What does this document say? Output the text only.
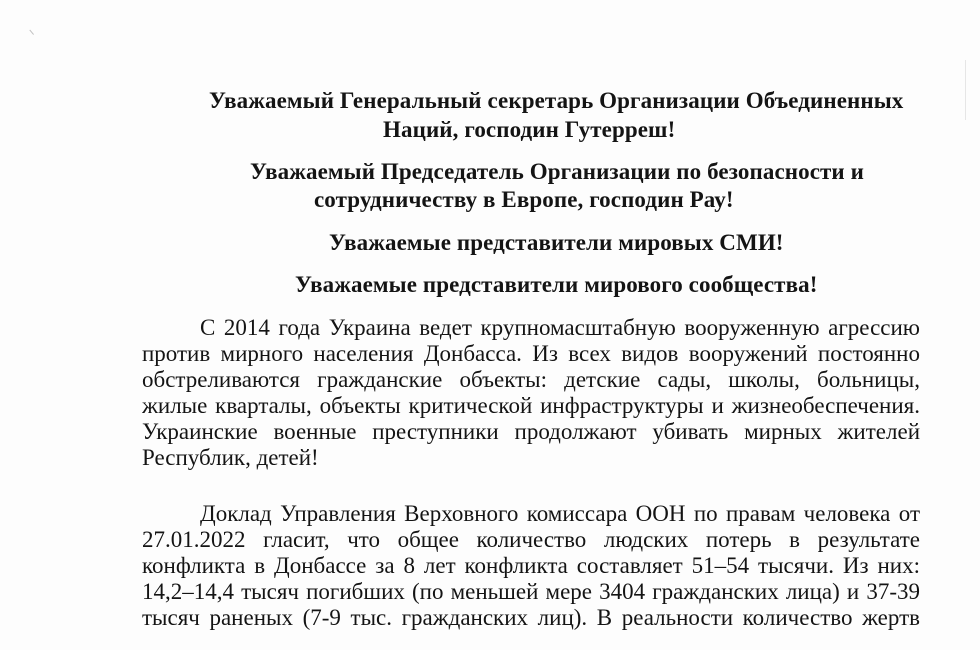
Уважаемый Генеральный секретарь Организации Объединенных
Наций, господин Гутерреш!
Уважаемый Председатель Организации по безопасности и
сотрудничеству в Европе, господин Рау!
Уважаемые представители мировых СМИ!
Уважаемые представители мирового сообщества!
С 2014 года Украина ведет крупномасштабную вооруженную агрессию
против мирного населения Донбасса. Из всех видов вооружений постоянно
обстреливаются гражданские объекты: детские сады, школы, больницы,
жилые кварталы, объекты критической инфраструктуры и жизнеобеспечения.
Украинские военные преступники продолжают убивать мирных жителей
Республик, детей!
Доклад Управления Верховного комиссара ООН по правам человека от
27.01.2022 гласит, что общее количество людских потерь в результате
конфликта в Донбассе за 8 лет конфликта составляет 51–54 тысячи. Из них:
14,2–14,4 тысяч погибших (по меньшей мере 3404 гражданских лица) и 37-39
тысяч раненых (7-9 тыс. гражданских лиц). В реальности количество жертв
